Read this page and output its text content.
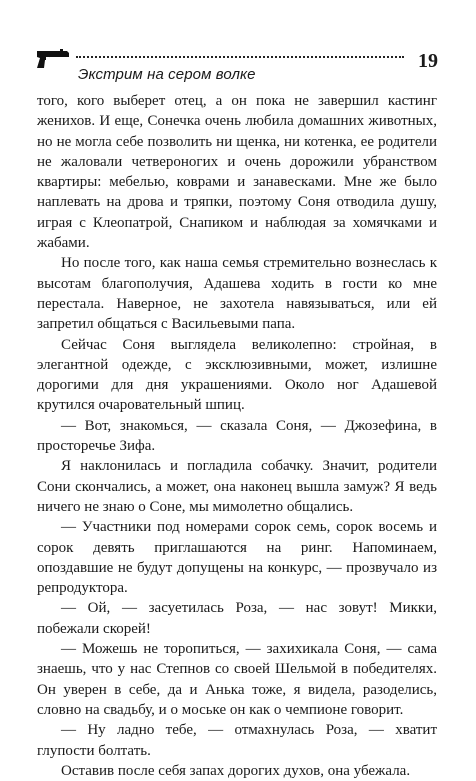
Экстрим на сером волке
19

того, кого выберет отец, а он пока не завершил кастинг женихов. И еще, Сонечка очень любила домашних животных, но не могла себе позволить ни щенка, ни котенка, ее родители не жаловали четвероногих и очень дорожили убранством квартиры: мебелью, коврами и занавесками. Мне же было наплевать на дрова и тряпки, поэтому Соня отводила душу, играя с Клеопатрой, Снапиком и наблюдая за хомячками и жабами.

Но после того, как наша семья стремительно вознеслась к высотам благополучия, Адашева ходить в гости ко мне перестала. Наверное, не захотела навязываться, или ей запретил общаться с Васильевыми папа.

Сейчас Соня выглядела великолепно: стройная, в элегантной одежде, с эксклюзивными, может, излишне дорогими для дня украшениями. Около ног Адашевой крутился очаровательный шпиц.

— Вот, знакомься, — сказала Соня, — Джозефина, в просторечье Зифа.

Я наклонилась и погладила собачку. Значит, родители Сони скончались, а может, она наконец вышла замуж? Я ведь ничего не знаю о Соне, мы мимолетно общались.

— Участники под номерами сорок семь, сорок восемь и сорок девять приглашаются на ринг. Напоминаем, опоздавшие не будут допущены на конкурс, — прозвучало из репродуктора.

— Ой, — засуетилась Роза, — нас зовут! Микки, побежали скорей!

— Можешь не торопиться, — захихикала Соня, — сама знаешь, что у нас Степнов со своей Шельмой в победителях. Он уверен в себе, да и Анька тоже, я видела, разоделись, словно на свадьбу, и о моське он как о чемпионе говорит.

— Ну ладно тебе, — отмахнулась Роза, — хватит глупости болтать.

Оставив после себя запах дорогих духов, она убежала.
